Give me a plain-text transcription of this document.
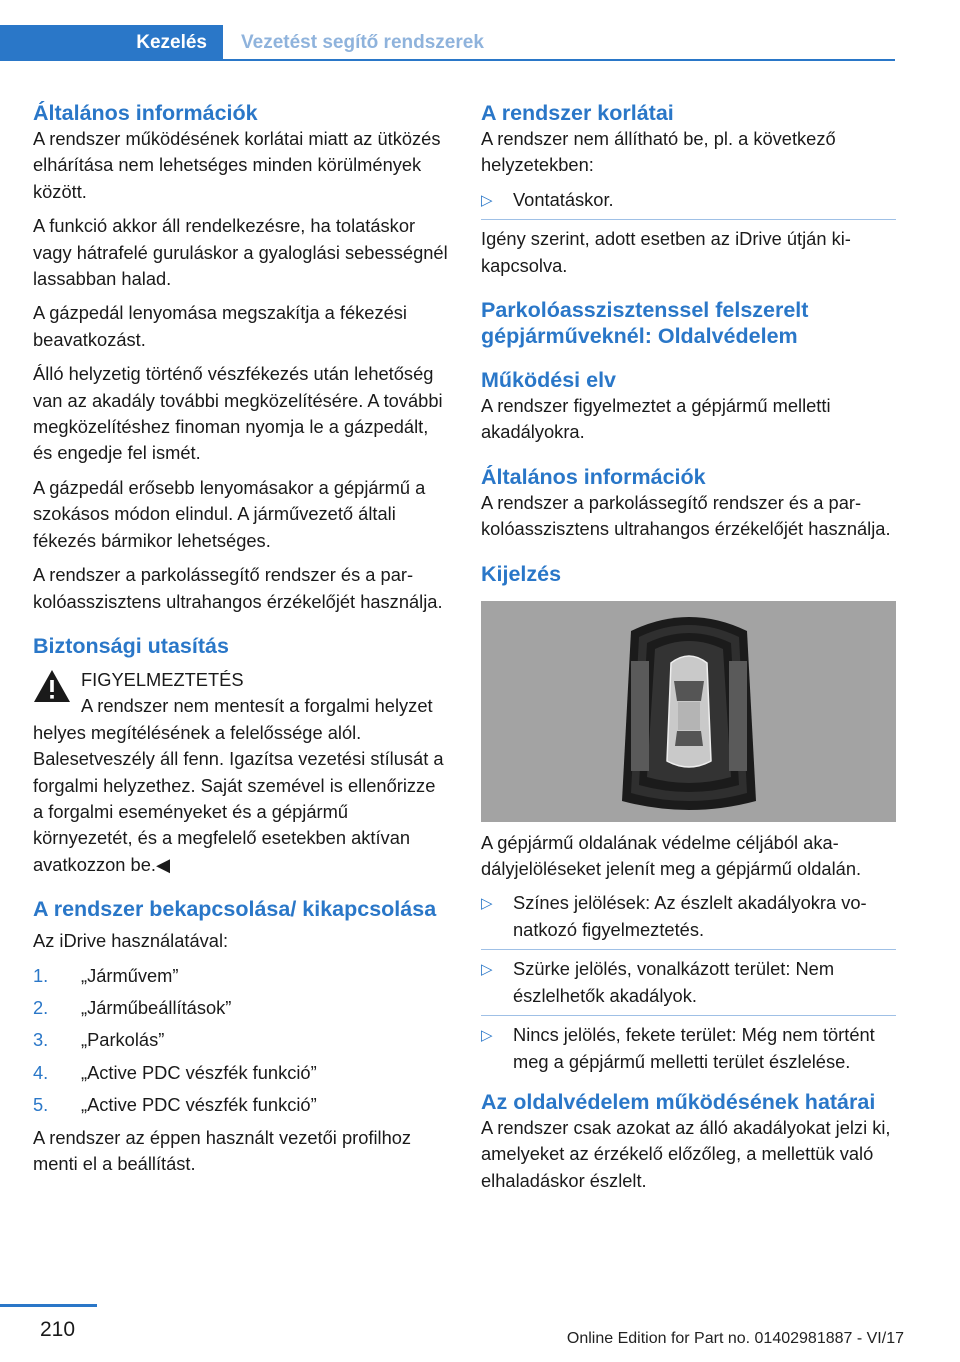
Kezelés	Vezetést segítő rendszerek
Általános információk

A rendszer működésének korlátai miatt az ütközés elhárítása nem lehetséges minden körülmények között.

A funkció akkor áll rendelkezésre, ha tolatáskor vagy hátrafelé guruláskor a gyaloglási sebességnél lassabban halad.

A gázpedál lenyomása megszakítja a fékezési beavatkozást.

Álló helyzetig történő vészfékezés után lehetőség van az akadály további megközelítésére. A további megközelítéshez finoman nyomja le a gázpedált, és engedje fel ismét.

A gázpedál erősebb lenyomásakor a gépjármű a szokásos módon elindul. A járművezető általi fékezés bármikor lehetséges.

A rendszer a parkolássegítő rendszer és a parkolóasszisztens ultrahangos érzékelőjét használja.

Biztonsági utasítás
FIGYELMEZTETÉS
A rendszer nem mentesít a forgalmi helyzet helyes megítélésének a felelőssége alól. Balesetveszély áll fenn. Igazítsa vezetési stílusát a forgalmi helyzethez. Saját szemével is ellenőrizze a forgalmi eseményeket és a gépjármű környezetét, és a megfelelő esetekben aktívan avatkozzon be.◀
A rendszer bekapcsolása/ kikapcsolása

Az iDrive használatával:

1. „Járművem”
2. „Járműbeállítások”
3. „Parkolás”
4. „Active PDC vészfék funkció”
5. „Active PDC vészfék funkció”

A rendszer az éppen használt vezetői profilhoz menti el a beállítást.

A rendszer korlátai

A rendszer nem állítható be, pl. a következő helyzetekben:

▷ Vontatáskor.

Igény szerint, adott esetben az iDrive útján kikapcsolva.

Parkolóasszisztenssel felszerelt gépjárműveknél: Oldalvédelem
Működési elv

A rendszer figyelmeztet a gépjármű melletti akadályokra.

Általános információk

A rendszer a parkolássegítő rendszer és a parkolóasszisztens ultrahangos érzékelőjét használja.

Kijelzés

A gépjármű oldalának védelme céljából akadályjelöléseket jelenít meg a gépjármű oldalán.

▷ Színes jelölések: Az észlelt akadályokra vonatkozó figyelmeztetés.
▷ Szürke jelölés, vonalkázott terület: Nem észlelhetők akadályok.
▷ Nincs jelölés, fekete terület: Még nem történt meg a gépjármű melletti terület észlelése.
Az oldalvédelem működésének határai

A rendszer csak azokat az álló akadályokat jelzi ki, amelyeket az érzékelő előzőleg, a mellettük való elhaladáskor észlelt.

210	Online Edition for Part no. 01402981887 - VI/17
